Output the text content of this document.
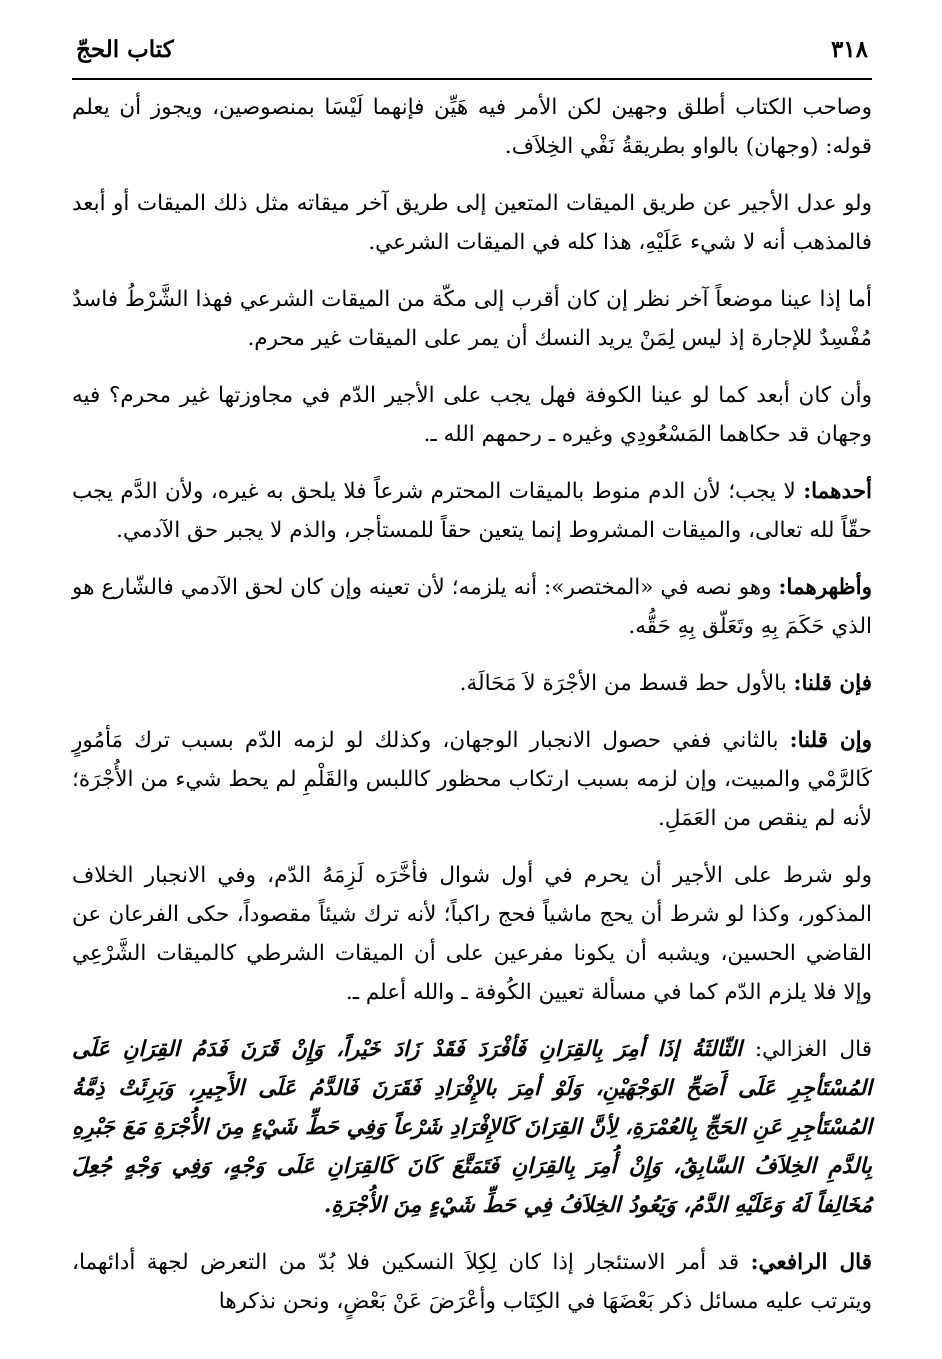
٣١٨
كتاب الحجّ

وصاحب الكتاب أطلق وجهين لكن الأمر فيه هَيِّن فإنهما لَيْسَا بمنصوصين، ويجوز أن يعلم قوله: (وجهان) بالواو بطريقةُ نَفْي الخِلاَف.

ولو عدل الأجير عن طريق الميقات المتعين إلى طريق آخر ميقاته مثل ذلك الميقات أو أبعد فالمذهب أنه لا شيء عَلَيْهِ، هذا كله في الميقات الشرعي.

أما إذا عينا موضعاً آخر نظر إن كان أقرب إلى مكّة من الميقات الشرعي فهذا الشَّرْطُ فاسدٌ مُفْسِدٌ للإجارة إذ ليس لِمَنْ يريد النسك أن يمر على الميقات غير محرم.

وأن كان أبعد كما لو عينا الكوفة فهل يجب على الأجير الدّم في مجاوزتها غير محرم؟ فيه وجهان قد حكاهما المَسْعُودِي وغيره ـ رحمهم الله ـ.

أحدهما: لا يجب؛ لأن الدم منوط بالميقات المحترم شرعاً فلا يلحق به غيره، ولأن الدَّم يجب حقّاً لله تعالى، والميقات المشروط إنما يتعين حقاً للمستأجر، والذم لا يجبر حق الآدمي.

وأظهرهما: وهو نصه في «المختصر»: أنه يلزمه؛ لأن تعينه وإن كان لحق الآدمي فالشّارع هو الذي حَكَمَ بِهِ وتَعَلّق بِهِ حَقُّه.

فإن قلنا: بالأول حط قسط من الأجْرَة لاَ مَحَالَة.

وإن قلنا: بالثاني ففي حصول الانجبار الوجهان، وكذلك لو لزمه الدّم بسبب ترك مَأمُورٍ كَالرَّمْي والمبيت، وإن لزمه بسبب ارتكاب محظور كاللبس والقَلْمِ لم يحط شيء من الأُجْرَة؛ لأنه لم ينقص من العَمَلِ.

ولو شرط على الأجير أن يحرم في أول شوال فأخَّرَه لَزِمَهُ الدّم، وفي الانجبار الخلاف المذكور، وكذا لو شرط أن يحج ماشياً فحج راكباً؛ لأنه ترك شيئاً مقصوداً، حكى الفرعان عن القاضي الحسين، ويشبه أن يكونا مفرعين على أن الميقات الشرطي كالميقات الشَّرْعِي وإلا فلا يلزم الدّم كما في مسألة تعيين الكُوفة ـ والله أعلم ـ.

قال الغزالي: الثّالثَةُ إذَا أمِرَ بِالقِرَانِ فَأفْرَدَ فَقَدْ زَادَ خَيْراً، وَإِنْ قَرَنَ فَدَمُ القِرَانِ عَلَى المُسْتَأجِرِ عَلَى أَصَحِّ الوَجْهَيْنِ، وَلَوْ أمِرَ بالإِفْرَادِ فَقَرَنَ فَالدَّمُ عَلَى الأَجِيرِ، وَبَرِئَتْ ذِمَّةُ المُسْتَأجِرِ عَنِ الحَجِّ بِالعُمْرَةِ، لِأنَّ القِرَانَ كَالإِفْرَادِ شَرْعاً وَفِي حَطِّ شَيْءٍ مِنَ الأُجْرَةِ مَعَ جَبْرِهِ بِالدَّمِ الخِلاَفُ السَّابِقُ، وَإِنْ أُمِرَ بِالقِرَانِ فَتَمَتَّعَ كَانَ كَالقِرَانِ عَلَى وَجْهٍ، وَفِي وَجْهٍ جُعِلَ مُخَالِفاً لَهُ وَعَلَيْهِ الدَّمُ، وَيَعُودُ الخِلاَفُ فِي حَطِّ شَيْءٍ مِنَ الأُجْرَةِ.

قال الرافعي: قد أمر الاستئجار إذا كان لِكِلاَ النسكين فلا بُدّ من التعرض لجهة أدائهما، ويترتب عليه مسائل ذكر بَعْضَهَا في الكِتَاب وأعْرَضَ عَنْ بَعْضٍ، ونحن نذكرها
